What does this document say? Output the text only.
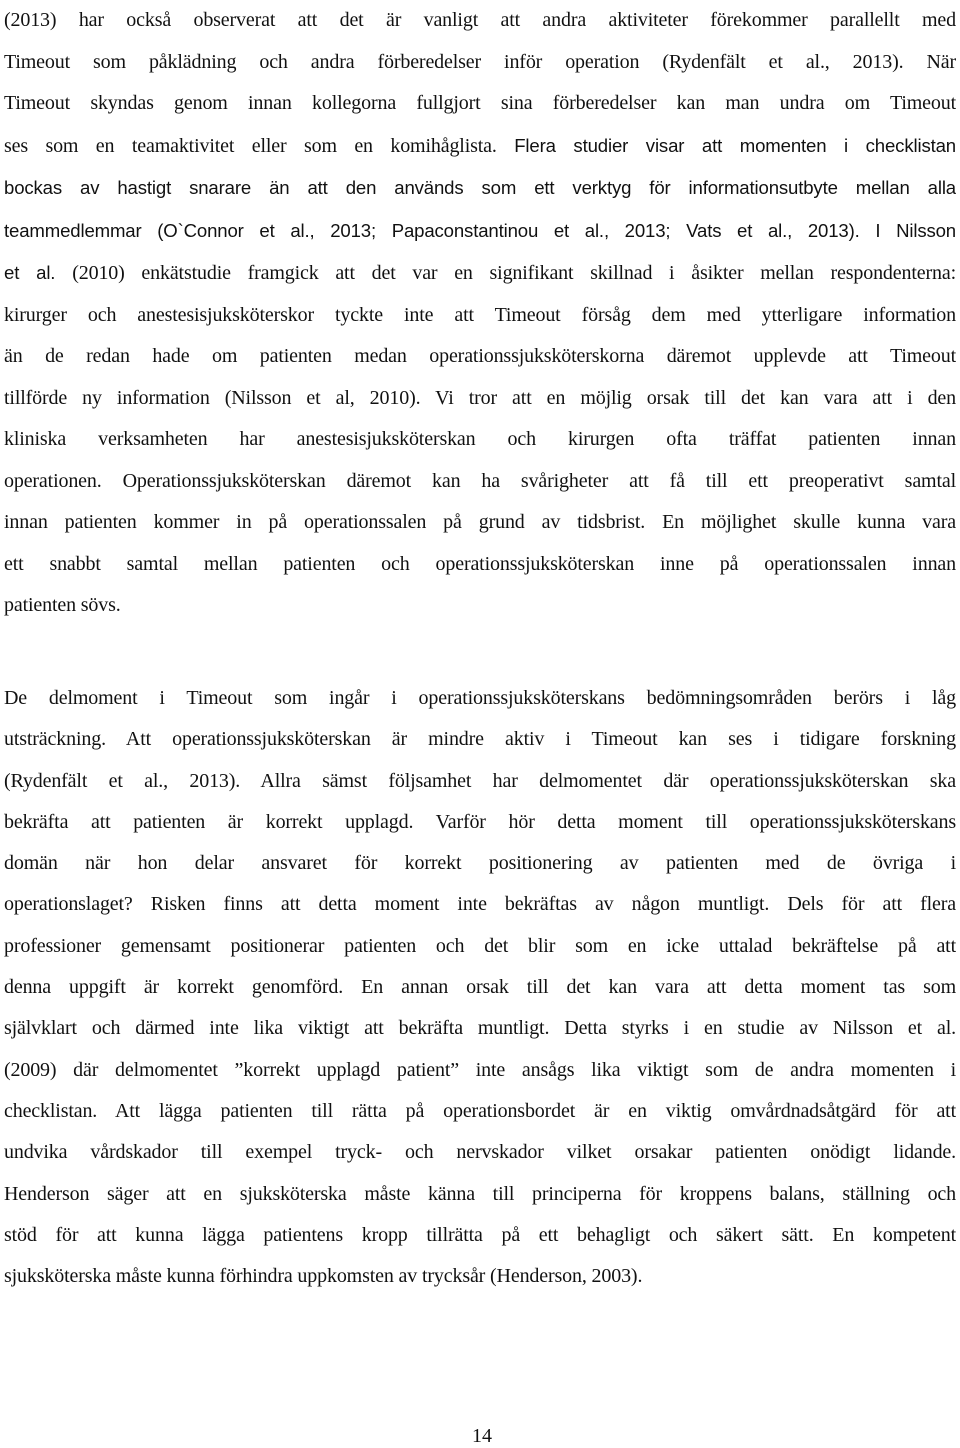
(2013) har också observerat att det är vanligt att andra aktiviteter förekommer parallellt med
Timeout som påklädning och andra förberedelser inför operation (Rydenfält et al., 2013). När
Timeout skyndas genom innan kollegorna fullgjort sina förberedelser kan man undra om Timeout
ses som en teamaktivitet eller som en komihåglista. Flera studier visar att momenten i checklistan
bockas av hastigt snarare än att den används som ett verktyg för informationsutbyte mellan alla
teammedlemmar (O`Connor et al., 2013; Papaconstantinou et al., 2013; Vats et al., 2013). I Nilsson
et al. (2010) enkätstudie framgick att det var en signifikant skillnad i åsikter mellan respondenterna:
kirurger och anestesisjuksköterskor tyckte inte att Timeout försåg dem med ytterligare information
än de redan hade om patienten medan operationssjuksköterskorna däremot upplevde att Timeout
tillförde ny information (Nilsson et al, 2010). Vi tror att en möjlig orsak till det kan vara att i den
kliniska verksamheten har anestesisjuksköterskan och kirurgen ofta träffat patienten innan
operationen. Operationssjuksköterskan däremot kan ha svårigheter att få till ett preoperativt samtal
innan patienten kommer in på operationssalen på grund av tidsbrist. En möjlighet skulle kunna vara
ett snabbt samtal mellan patienten och operationssjuksköterskan inne på operationssalen innan
patienten sövs.
De delmoment i Timeout som ingår i operationssjuksköterskans bedömningsområden berörs i låg
utsträckning. Att operationssjuksköterskan är mindre aktiv i Timeout kan ses i tidigare forskning
(Rydenfält et al., 2013). Allra sämst följsamhet har delmomentet där operationssjuksköterskan ska
bekräfta att patienten är korrekt upplagd. Varför hör detta moment till operationssjuksköterskans
domän när hon delar ansvaret för korrekt positionering av patienten med de övriga i
operationslaget? Risken finns att detta moment inte bekräftas av någon muntligt. Dels för att flera
professioner gemensamt positionerar patienten och det blir som en icke uttalad bekräftelse på att
denna uppgift är korrekt genomförd. En annan orsak till det kan vara att detta moment tas som
självklart och därmed inte lika viktigt att bekräfta muntligt. Detta styrks i en studie av Nilsson et al.
(2009) där delmomentet ”korrekt upplagd patient” inte ansågs lika viktigt som de andra momenten i
checklistan. Att lägga patienten till rätta på operationsbordet är en viktig omvårdnadsåtgärd för att
undvika vårdskador till exempel tryck- och nervskador vilket orsakar patienten onödigt lidande.
Henderson säger att en sjuksköterska måste känna till principerna för kroppens balans, ställning och
stöd för att kunna lägga patientens kropp tillrätta på ett behagligt och säkert sätt. En kompetent
sjuksköterska måste kunna förhindra uppkomsten av trycksår (Henderson, 2003).
14
